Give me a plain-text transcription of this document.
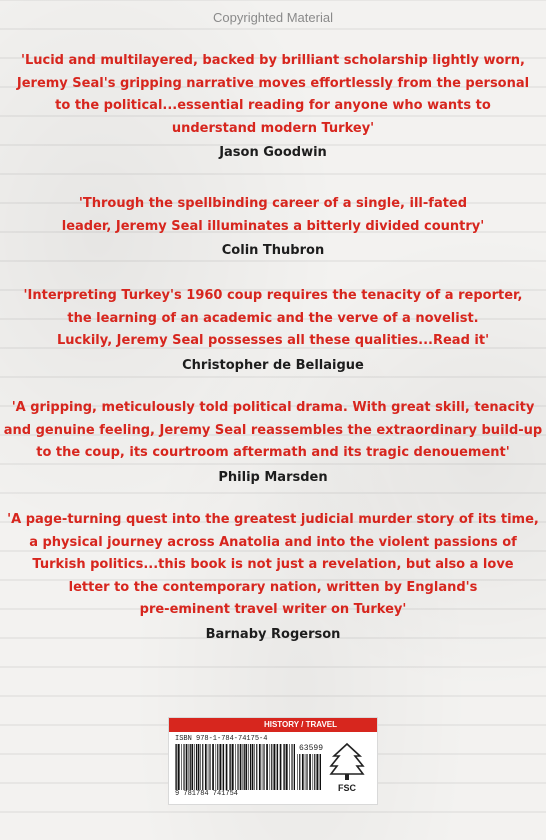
Copyrighted Material
'Lucid and multilayered, backed by brilliant scholarship lightly worn,
Jeremy Seal's gripping narrative moves effortlessly from the personal
to the political...essential reading for anyone who wants to
understand modern Turkey'
Jason Goodwin
'Through the spellbinding career of a single, ill-fated
leader, Jeremy Seal illuminates a bitterly divided country'
Colin Thubron
'Interpreting Turkey's 1960 coup requires the tenacity of a reporter,
the learning of an academic and the verve of a novelist.
Luckily, Jeremy Seal possesses all these qualities...Read it'
Christopher de Bellaigue
'A gripping, meticulously told political drama. With great skill, tenacity
and genuine feeling, Jeremy Seal reassembles the extraordinary build-up
to the coup, its courtroom aftermath and its tragic denouement'
Philip Marsden
'A page-turning quest into the greatest judicial murder story of its time,
a physical journey across Anatolia and into the violent passions of
Turkish politics...this book is not just a revelation, but also a love
letter to the contemporary nation, written by England's
pre-eminent travel writer on Turkey'
Barnaby Rogerson
HISTORY / TRAVEL
ISBN 978-1-784-74175-4
63599
9 781784 741754
FSC
